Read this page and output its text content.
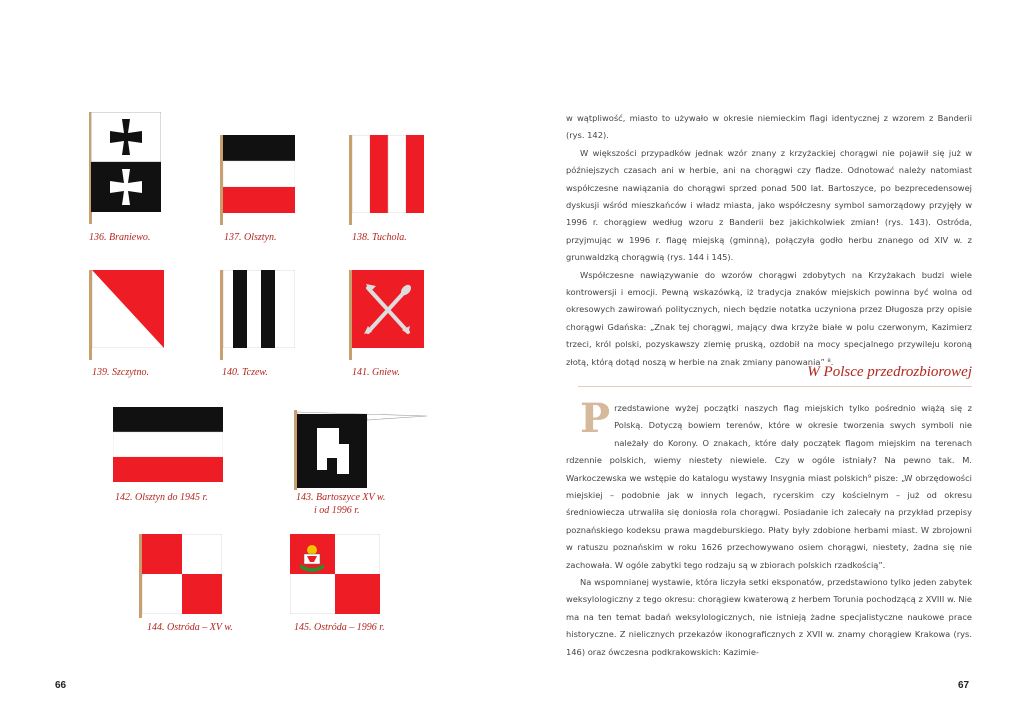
136. Braniewo.	137. Olsztyn.	138. Tuchola.
139. Szczytno.	140. Tczew.	141. Gniew.
142. Olsztyn do 1945 r.	143. Bartoszyce XV w.
i od 1996 r.
144. Ostróda – XV w.	145. Ostróda – 1996 r.
66

w wątpliwość, miasto to używało w okresie niemieckim flagi identycznej z wzorem z Banderii (rys. 142).

W większości przypadków jednak wzór znany z krzyżackiej chorągwi nie pojawił się już w późniejszych czasach ani w herbie, ani na chorągwi czy fladze. Odnotować należy natomiast współczesne nawiązania do chorągwi sprzed ponad 500 lat. Bartoszyce, po bezprecedensowej dyskusji wśród mieszkańców i władz miasta, jako współczesny symbol samorządowy przyjęły w 1996 r. chorągiew według wzoru z Banderii bez jakichkolwiek zmian! (rys. 143). Ostróda, przyjmując w 1996 r. flagę miejską (gminną), połączyła godło herbu znanego od XIV w. z grunwaldzką chorągwią (rys. 144 i 145).

Współczesne nawiązywanie do wzorów chorągwi zdobytych na Krzyżakach budzi wiele kontrowersji i emocji. Pewną wskazówką, iż tradycja znaków miejskich powinna być wolna od okresowych zawirowań politycznych, niech będzie notatka uczyniona przez Długosza przy opisie chorągwi Gdańska: „Znak tej chorągwi, mający dwa krzyże białe w polu czerwonym, Kazimierz trzeci, król polski, pozyskawszy ziemię pruską, ozdobił na mocy specjalnego przywileju koroną złotą, którą dotąd noszą w herbie na znak zmiany panowania” ⁸.

W Polsce przedrozbiorowej
P rzedstawione wyżej początki naszych flag miejskich tylko pośrednio wiążą się z Polską. Dotyczą bowiem terenów, które w okresie tworzenia swych symboli nie należały do Korony. O znakach, które dały początek flagom miejskim na terenach rdzennie polskich, wiemy niestety niewiele. Czy w ogóle istniały? Na pewno tak. M. Warkoczewska we wstępie do katalogu wystawy Insygnia miast polskich⁹ pisze: „W obrzędowości miejskiej – podobnie jak w innych legach, rycerskim czy kościelnym – już od okresu średniowiecza utrwaliła się doniosła rola chorągwi. Posiadanie ich zalecały na przykład przepisy poznańskiego kodeksu prawa magdeburskiego. Płaty były zdobione herbami miast. W zbrojowni w ratuszu poznańskim w roku 1626 przechowywano osiem chorągwi, niestety, żadna się nie zachowała. W ogóle zabytki tego rodzaju są w zbiorach polskich rzadkością”.

Na wspomnianej wystawie, która liczyła setki eksponatów, przedstawiono tylko jeden zabytek weksylologiczny z tego okresu: chorągiew kwaterową z herbem Torunia pochodzącą z XVIII w. Nie ma na ten temat badań weksylologicznych, nie istnieją żadne specjalistyczne naukowe prace historyczne. Z nielicznych przekazów ikonograficznych z XVII w. znamy chorągiew Krakowa (rys. 146) oraz ówczesna podkrakowskich: Kazimie-

67
